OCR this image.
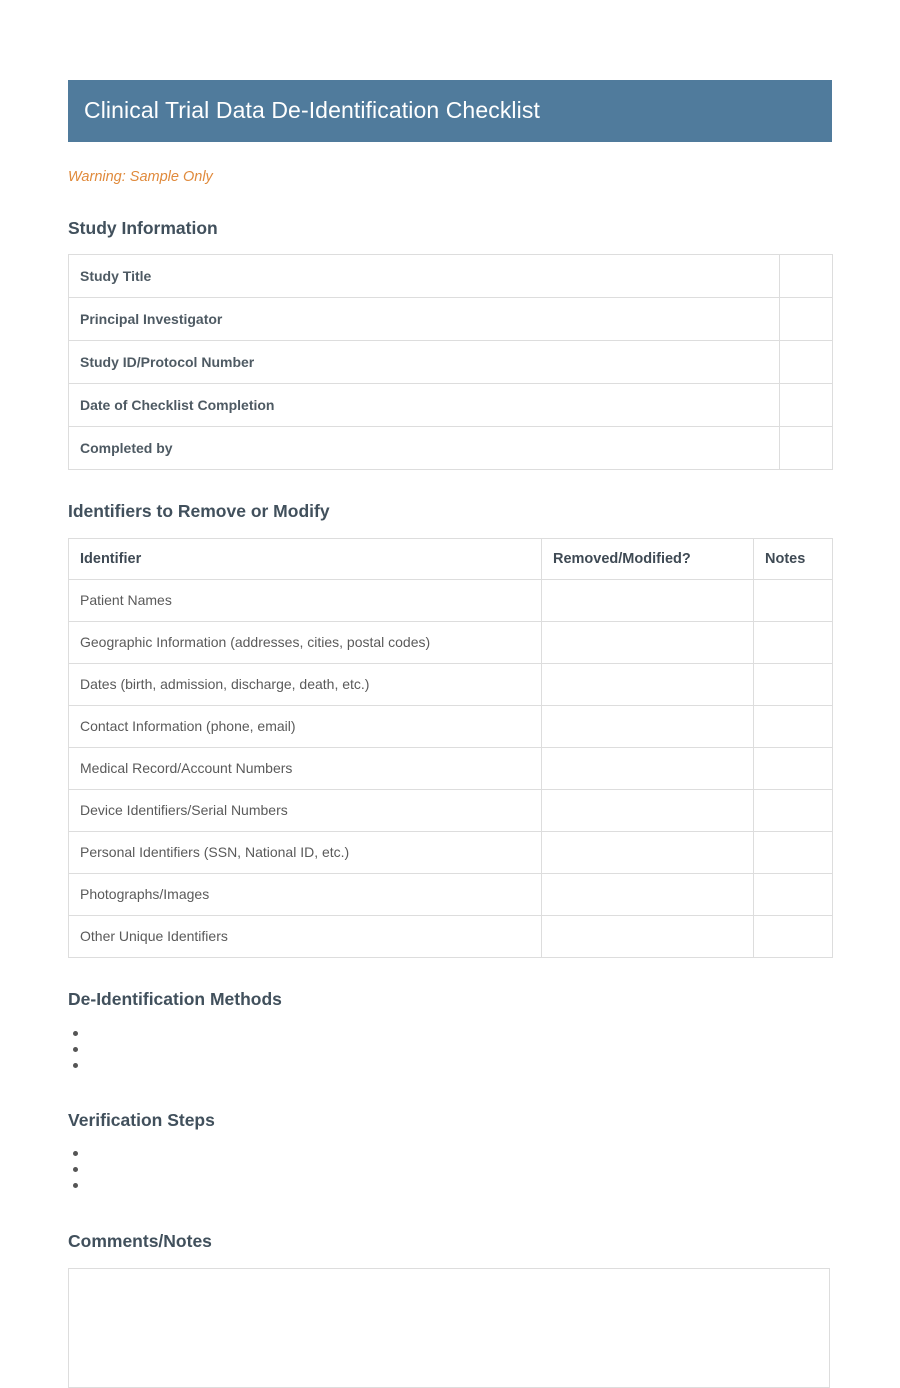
Clinical Trial Data De-Identification Checklist
Warning: Sample Only
Study Information
Study Title	
Principal Investigator	
Study ID/Protocol Number	
Date of Checklist Completion	
Completed by	
Identifiers to Remove or Modify
Identifier	Removed/Modified?	Notes
Patient Names		
Geographic Information (addresses, cities, postal codes)		
Dates (birth, admission, discharge, death, etc.)		
Contact Information (phone, email)		
Medical Record/Account Numbers		
Device Identifiers/Serial Numbers		
Personal Identifiers (SSN, National ID, etc.)		
Photographs/Images		
Other Unique Identifiers		
De-Identification Methods
Verification Steps
Comments/Notes
